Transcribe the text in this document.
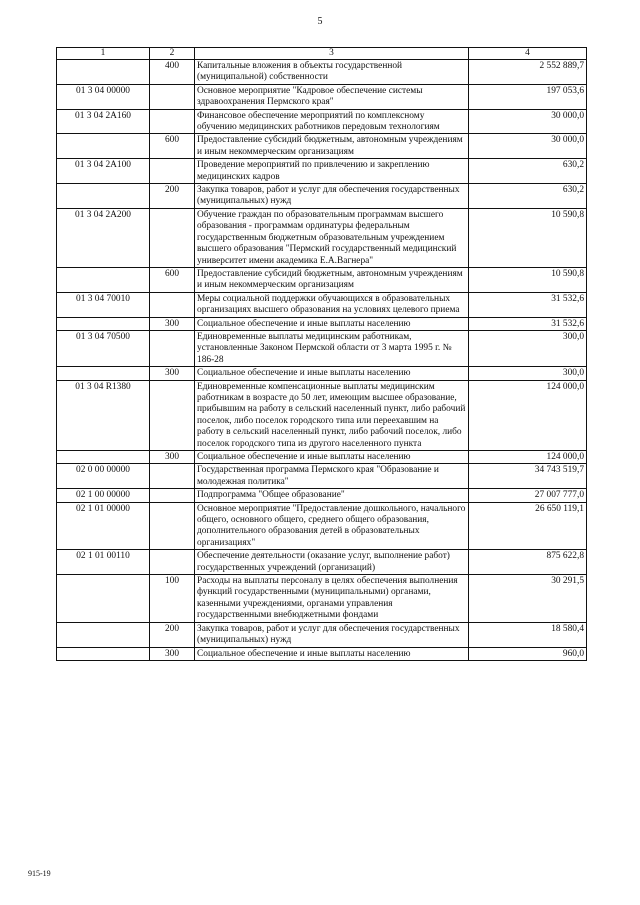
5
1	2	3	4
	400	Капитальные вложения в объекты государственной (муниципальной) собственности	2 552 889,7
01 3 04 00000		Основное мероприятие "Кадровое обеспечение системы здравоохранения Пермского края"	197 053,6
01 3 04 2А160		Финансовое обеспечение мероприятий по комплексному обучению медицинских работников передовым технологиям	30 000,0
	600	Предоставление субсидий бюджетным, автономным учреждениям и иным некоммерческим организациям	30 000,0
01 3 04 2А100		Проведение мероприятий по привлечению и закреплению медицинских кадров	630,2
	200	Закупка товаров, работ и услуг для обеспечения государственных (муниципальных) нужд	630,2
01 3 04 2А200		Обучение граждан по образовательным программам высшего образования - программам ординатуры федеральным государственным бюджетным образовательным учреждением высшего образования "Пермский государственный медицинский университет имени академика Е.А.Вагнера"	10 590,8
	600	Предоставление субсидий бюджетным, автономным учреждениям и иным некоммерческим организациям	10 590,8
01 3 04 70010		Меры социальной поддержки обучающихся в образовательных организациях высшего образования на условиях целевого приема	31 532,6
	300	Социальное обеспечение и иные выплаты населению	31 532,6
01 3 04 70500		Единовременные выплаты медицинским работникам, установленные Законом Пермской области от 3 марта 1995 г. № 186-28	300,0
	300	Социальное обеспечение и иные выплаты населению	300,0
01 3 04 R1380		Единовременные компенсационные выплаты медицинским работникам в возрасте до 50 лет, имеющим высшее образование, прибывшим на работу в сельский населенный пункт, либо рабочий поселок, либо поселок городского типа или переехавшим на работу в сельский населенный пункт, либо рабочий поселок, либо поселок городского типа из другого населенного пункта	124 000,0
	300	Социальное обеспечение и иные выплаты населению	124 000,0
02 0 00 00000		Государственная программа Пермского края "Образование и молодежная политика"	34 743 519,7
02 1 00 00000		Подпрограмма "Общее образование"	27 007 777,0
02 1 01 00000		Основное мероприятие "Предоставление дошкольного, начального общего, основного общего, среднего общего образования, дополнительного образования детей в образовательных организациях"	26 650 119,1
02 1 01 00110		Обеспечение деятельности (оказание услуг, выполнение работ) государственных учреждений (организаций)	875 622,8
	100	Расходы на выплаты персоналу в целях обеспечения выполнения функций государственными (муниципальными) органами, казенными учреждениями, органами управления государственными внебюджетными фондами	30 291,5
	200	Закупка товаров, работ и услуг для обеспечения государственных (муниципальных) нужд	18 580,4
	300	Социальное обеспечение и иные выплаты населению	960,0
915-19
